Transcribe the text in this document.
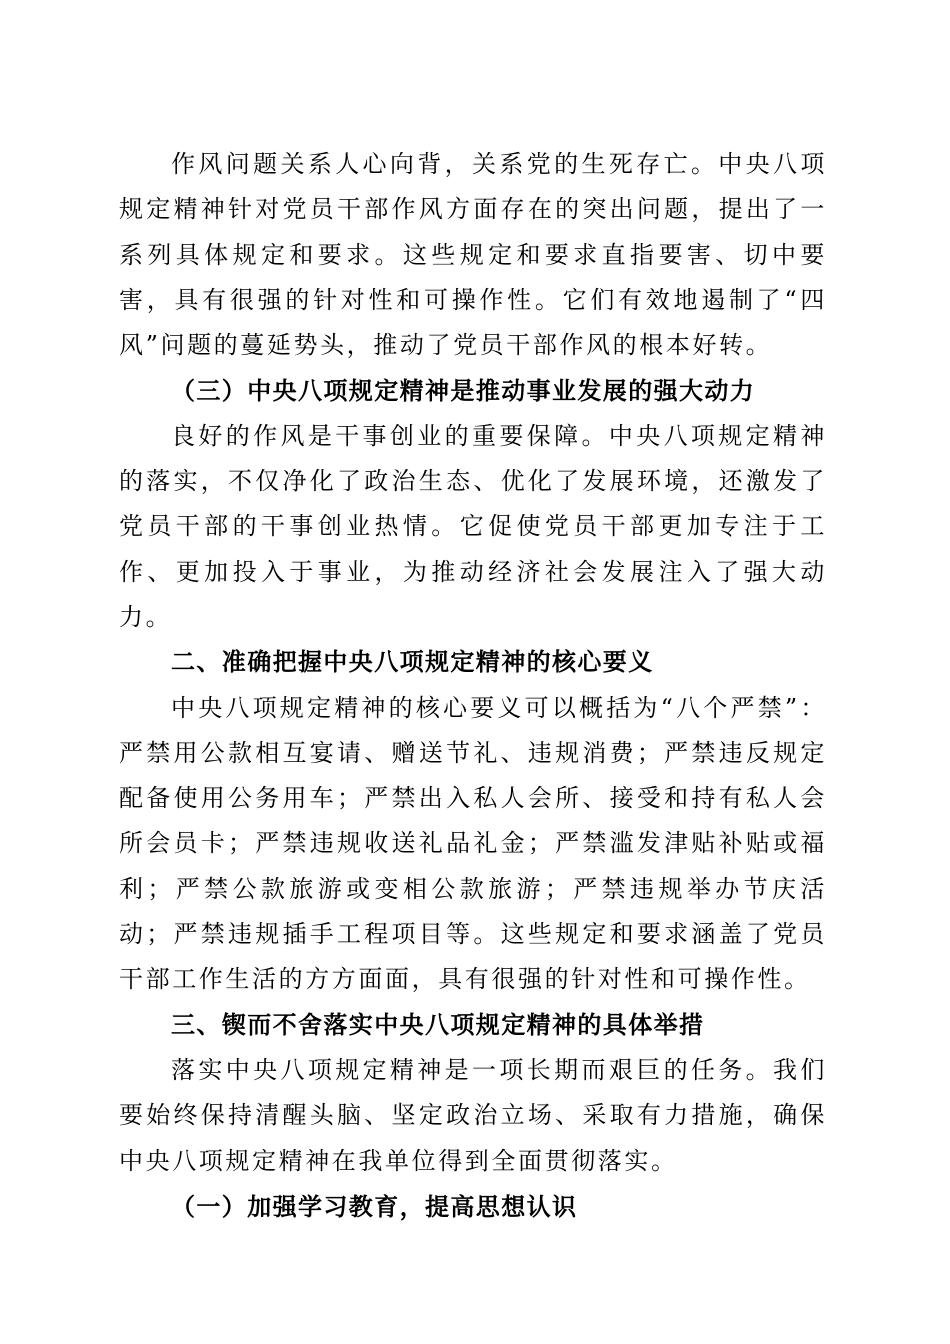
作风问题关系人心向背，关系党的生死存亡。中央八项规定精神针对党员干部作风方面存在的突出问题，提出了一系列具体规定和要求。这些规定和要求直指要害、切中要害，具有很强的针对性和可操作性。它们有效地遏制了“四风”问题的蔓延势头，推动了党员干部作风的根本好转。

（三）中央八项规定精神是推动事业发展的强大动力

良好的作风是干事创业的重要保障。中央八项规定精神的落实，不仅净化了政治生态、优化了发展环境，还激发了党员干部的干事创业热情。它促使党员干部更加专注于工作、更加投入于事业，为推动经济社会发展注入了强大动力。

二、准确把握中央八项规定精神的核心要义

中央八项规定精神的核心要义可以概括为“八个严禁”：严禁用公款相互宴请、赠送节礼、违规消费；严禁违反规定配备使用公务用车；严禁出入私人会所、接受和持有私人会所会员卡；严禁违规收送礼品礼金；严禁滥发津贴补贴或福利；严禁公款旅游或变相公款旅游；严禁违规举办节庆活动；严禁违规插手工程项目等。这些规定和要求涵盖了党员干部工作生活的方方面面，具有很强的针对性和可操作性。

三、锲而不舍落实中央八项规定精神的具体举措

落实中央八项规定精神是一项长期而艰巨的任务。我们要始终保持清醒头脑、坚定政治立场、采取有力措施，确保中央八项规定精神在我单位得到全面贯彻落实。

（一）加强学习教育，提高思想认识
